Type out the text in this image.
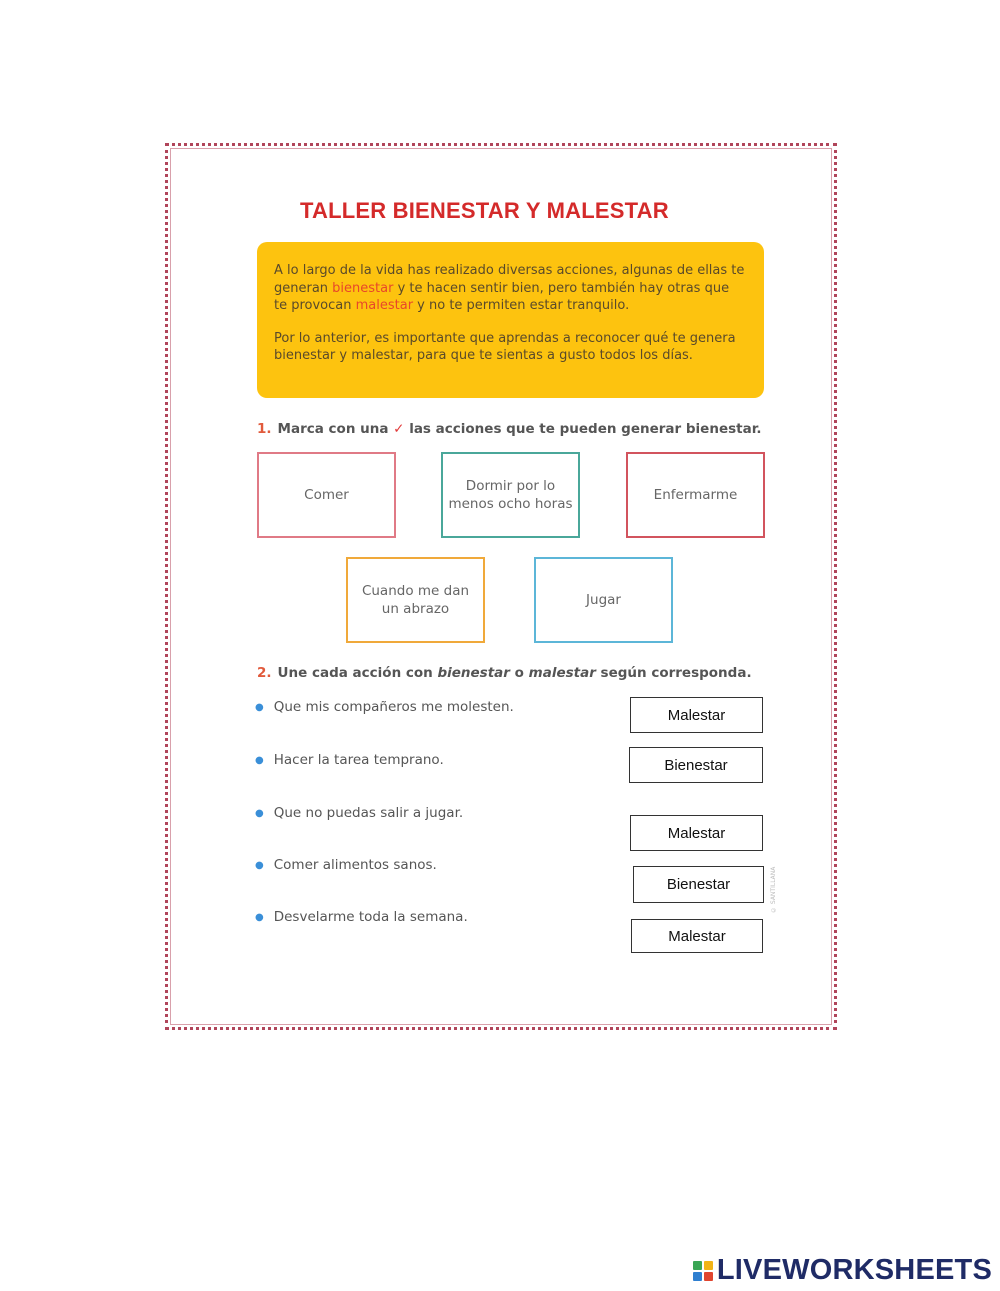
TALLER BIENESTAR Y MALESTAR

A lo largo de la vida has realizado diversas acciones, algunas de ellas te generan bienestar y te hacen sentir bien, pero también hay otras que te provocan malestar y no te permiten estar tranquilo.

Por lo anterior, es importante que aprendas a reconocer qué te genera bienestar y malestar, para que te sientas a gusto todos los días.

1. Marca con una ✓ las acciones que te pueden generar bienestar.
Comer
Dormir por lo menos ocho horas
Enfermarme
Cuando me dan un abrazo
Jugar
2. Une cada acción con bienestar o malestar según corresponda.
● Que mis compañeros me molesten.
● Hacer la tarea temprano.
● Que no puedas salir a jugar.
● Comer alimentos sanos.
● Desvelarme toda la semana.
Malestar
Bienestar
Malestar
Bienestar
Malestar
© SANTILLANA
LIVEWORKSHEETS
